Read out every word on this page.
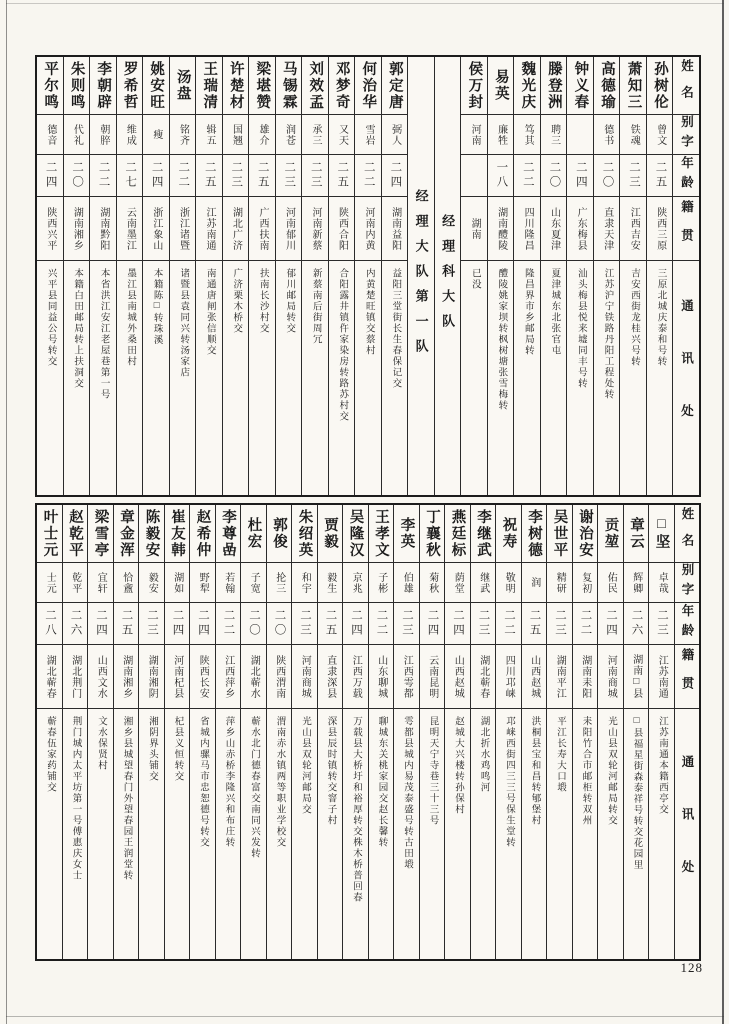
姓名
别字
年龄
籍贯
通讯处
孙树伦
曾文
二五
陕西三原
三原北城庆泰和号转
萧知三
铁魂
二三
江西吉安
吉安西街龙桂兴号转
高德瑜
德书
二〇
直隶天津
江苏沪宁铁路丹阳工程处转
钟义春
二四
广东梅县
汕头梅县悦来墟同丰号转
滕登洲
聘三
二〇
山东夏津
夏津城东北张官屯
魏光庆
笃其
二二
四川隆昌
隆昌界市乡邮局转
易英
廉牲
一八
湖南醴陵
醴陵姚家坝转枫树塘张雪梅转
侯万封
河南
湖南
已没
经理科大队
经理大队第一队
郭定唐
弼人
二四
湖南益阳
益阳三堂街长生春保记交
何治华
雪岩
二二
河南内黄
内黄楚旺镇交蔡村
邓梦奇
又天
二五
陕西合阳
合阳露井镇仵家染房转路苏村交
刘效孟
承三
二三
河南新蔡
新蔡南后街周冗
马锡霖
润苍
二三
河南郁川
郁川邮局转交
梁堪赞
雄介
二五
广西扶南
扶南长沙村交
许楚材
国翘
二三
湖北广济
广济栗木桥交
王瑞清
辑五
二五
江苏南通
南通唐闸张信顺交
汤盘
铭齐
二二
浙江诸暨
诸暨县袁同兴转汤家店
姚安旺
瘦
二四
浙江象山
本籍陈□转珠溪
罗希哲
维成
二七
云南墨江
墨江县南城外桑田村
李朝辟
朝脺
二二
湖南黔阳
本省洪江安江老屋巷第一号
朱则鸣
代礼
二〇
湖南湘乡
本籍白田邮局转上扶洞交
平尔鸣
德音
二四
陕西兴平
兴平县同益公号转交
姓名
别字
年龄
籍贯
通讯处
□坚
卓哉
二三
江苏南通
江苏南通本籍西亭交
章云
辉卿
二六
湖南□县
□县福星街森泰祥号转交花园里
贡堃
佑民
二四
河南商城
光山县双轮河邮局转交
谢治安
复初
二二
湖南耒阳
耒阳竹合市邮柜转双州
吴世平
精研
二三
湖南平江
平江长寿大口塅
李树德
润
二五
山西赵城
洪桐县宝和昌转郇堡村
祝寿
敬明
二二
四川邛崃
邛崃西街四三三号保生堂转
李继武
继武
二三
湖北蕲春
湖北折水鸡鸣河
燕廷标
荫堂
二四
山西赵城
赵城大兴楼转孙保村
丁襄秋
菊秋
二四
云南昆明
昆明天宁寺巷三十三号
李英
伯雄
二三
江西雩都
雩都县城内易茂泰盛号转古田塅
王孝文
子彬
二二
山东聊城
聊城东关桃家园交赵长馨转
吴隆汉
京兆
二四
江西万载
万载县大桥圩和裕厚转交株木桥普回春
贾毅
毅生
二五
直隶深县
深县辰时镇转交窨子村
朱绍英
和宇
二三
河南商城
光山县双轮河邮局交
郭俊
抡三
二〇
陕西渭南
渭南赤水镇两等职业学校交
杜宏
子宽
二〇
湖北蕲水
蕲水北门德春富交南同兴发转
李尊嵒
若翰
二二
江西萍乡
萍乡山赤桥李隆兴和布庄转
赵希仲
野犁
二四
陕西长安
省城内骡马市忠恕德号转交
崔友韩
湖如
二四
河南杞县
杞县义恒转交
陈毅安
毅安
二三
湖南湘阴
湘阴界头铺交
章金浑
恰盦
二五
湖南湘乡
湘乡县城望春门外望春园王润堂转
梁雪亭
宜轩
二四
山西文水
文水保贤村
赵乾平
乾平
二六
湖北荆门
荆门城内太平坊第一号傅惠庆女士
叶士元
士元
二八
湖北蕲春
蕲春伍家药铺交
128
